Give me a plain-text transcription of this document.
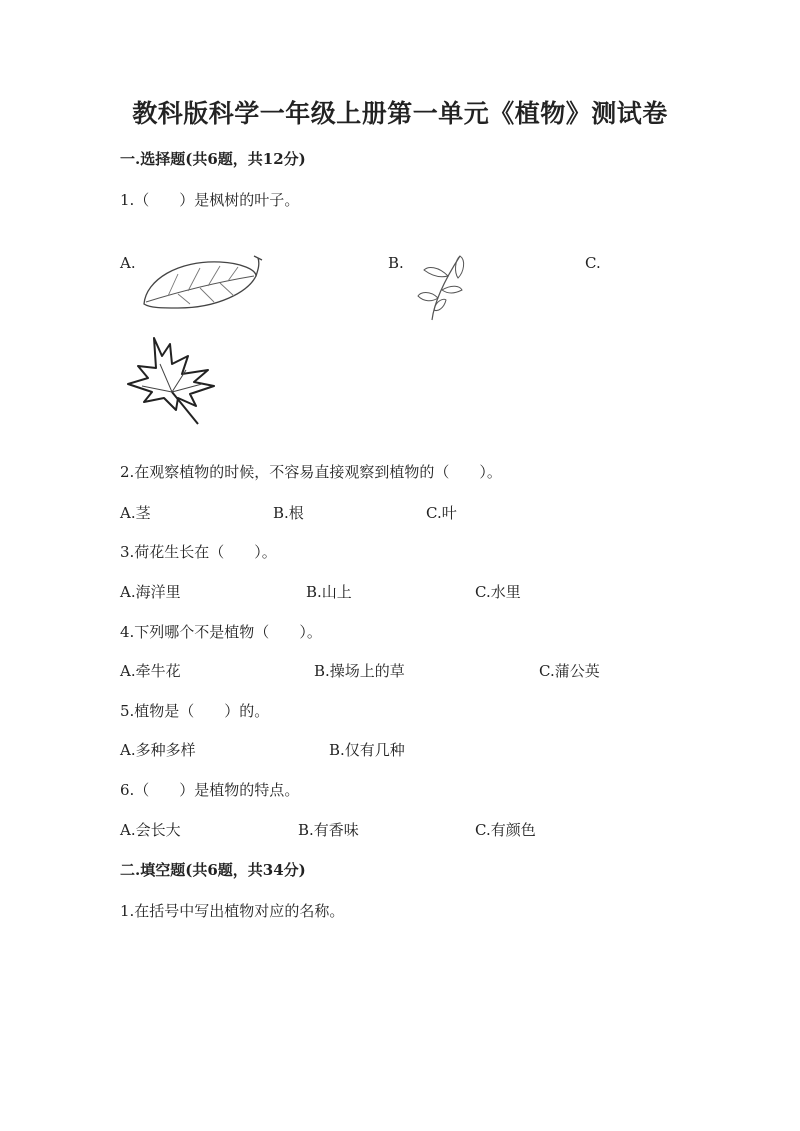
教科版科学一年级上册第一单元《植物》测试卷
一.选择题(共6题，共12分)
1.（　　）是枫树的叶子。
A.	B.	C.
2.在观察植物的时候，不容易直接观察到植物的（　　）。
A.茎	B.根	C.叶
3.荷花生长在（　　）。
A.海洋里	B.山上	C.水里
4.下列哪个不是植物（　　）。
A.牵牛花	B.操场上的草	C.蒲公英
5.植物是（　　）的。
A.多种多样	B.仅有几种
6.（　　）是植物的特点。
A.会长大	B.有香味	C.有颜色
二.填空题(共6题，共34分)
1.在括号中写出植物对应的名称。
